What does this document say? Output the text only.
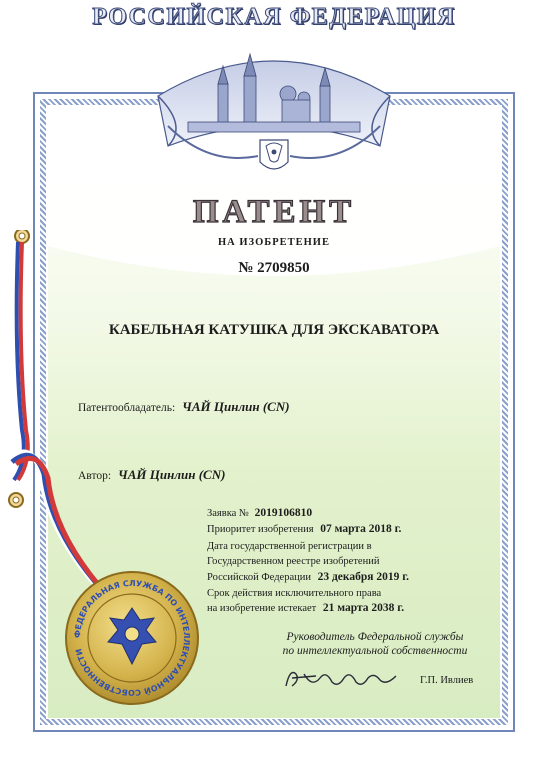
РОССИЙСКАЯ ФЕДЕРАЦИЯ
ПАТЕНТ
НА ИЗОБРЕТЕНИЕ
№ 2709850
КАБЕЛЬНАЯ КАТУШКА ДЛЯ ЭКСКАВАТОРА
Патентообладатель: ЧАЙ Цинлин (CN)
Автор: ЧАЙ Цинлин (CN)
Заявка № 2019106810
Приоритет изобретения 07 марта 2018 г.
Дата государственной регистрации в
Государственном реестре изобретений
Российской Федерации 23 декабря 2019 г.
Срок действия исключительного права
на изобретение истекает 21 марта 2038 г.
Руководитель Федеральной службы
по интеллектуальной собственности
Г.П. Ивлиев
ФЕДЕРАЛЬНАЯ СЛУЖБА ПО ИНТЕЛЛЕКТУАЛЬНОЙ СОБСТВЕННОСТИ
